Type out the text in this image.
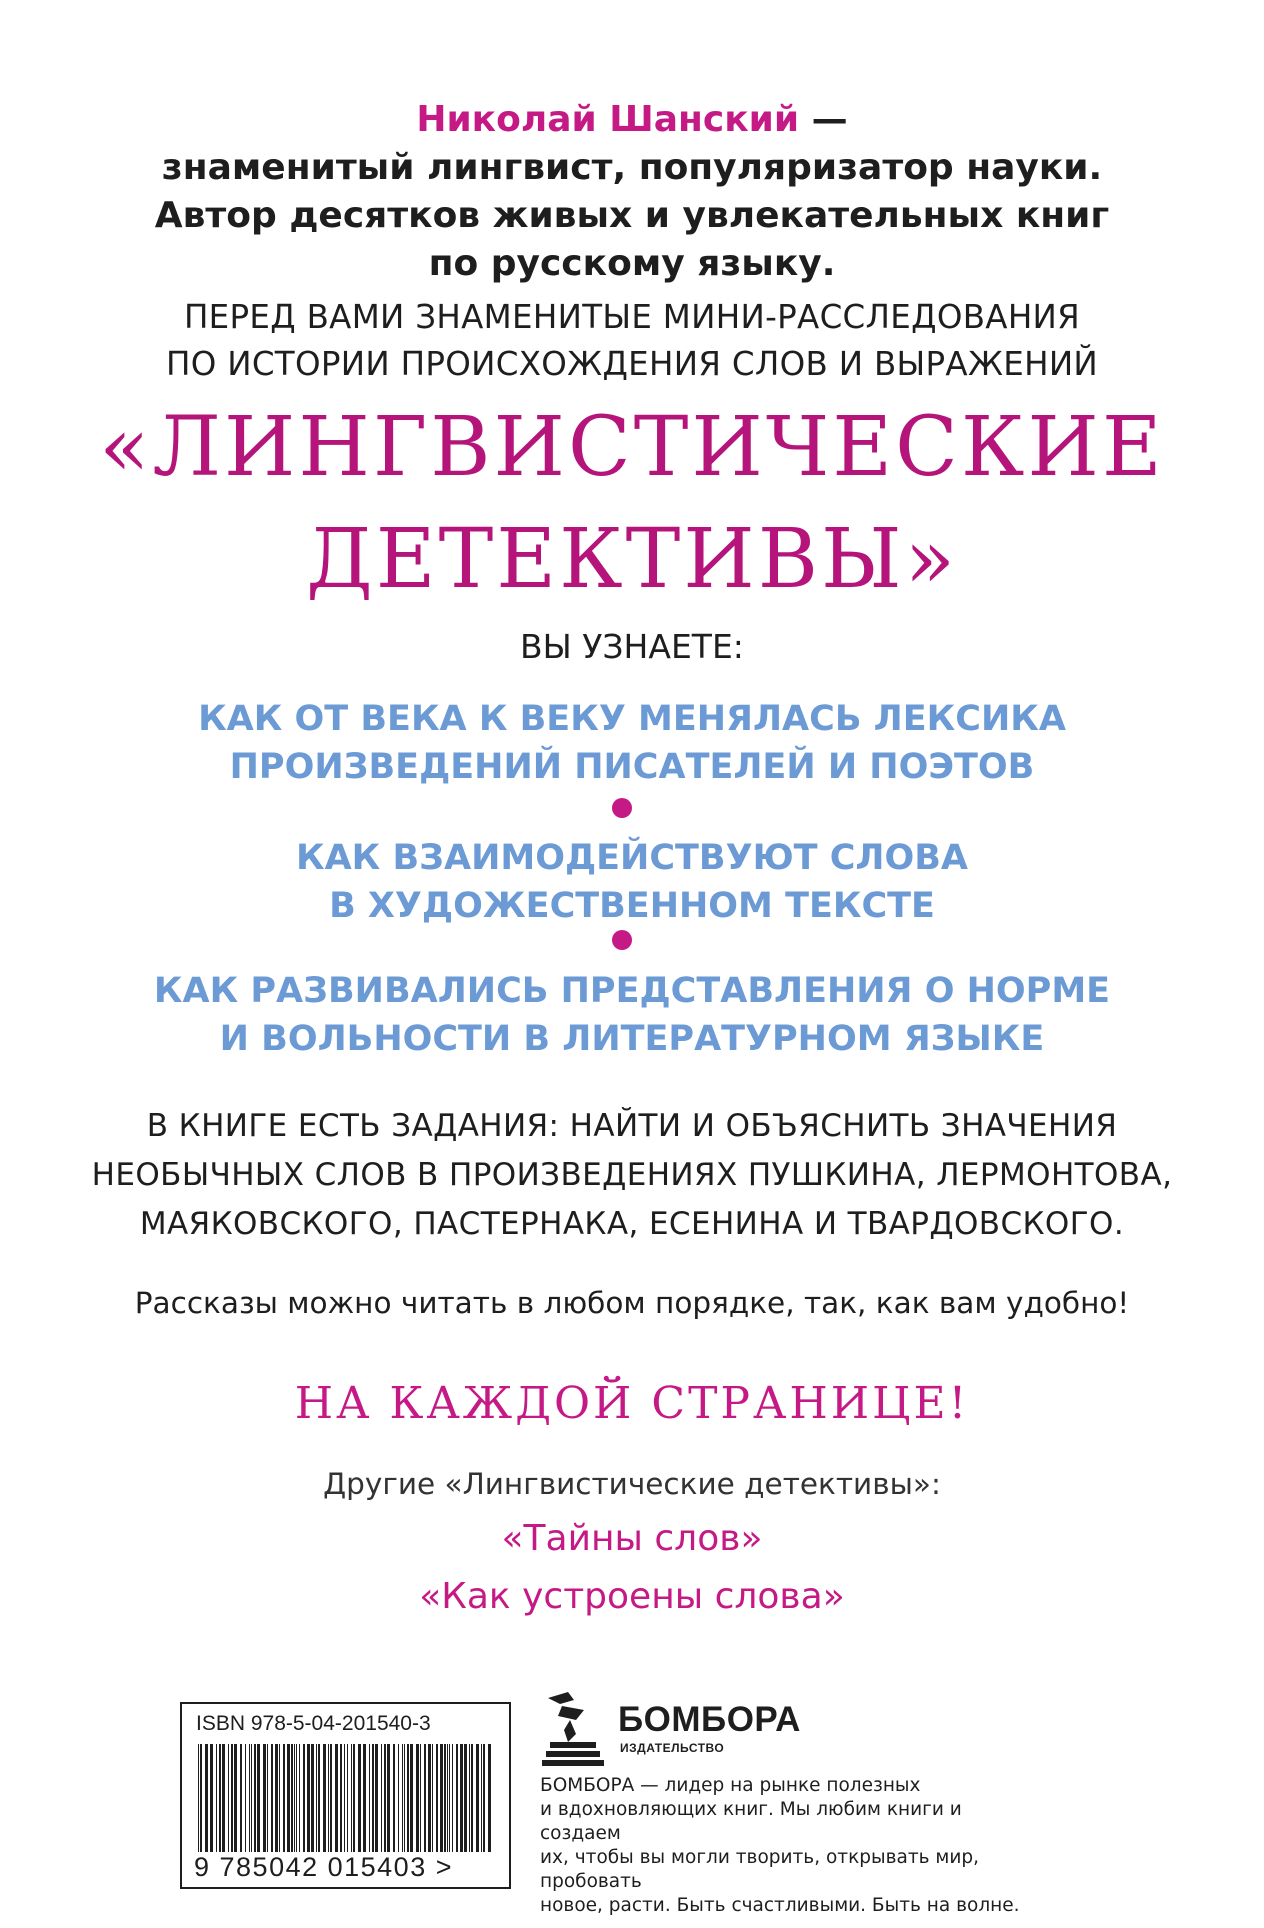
Николай Шанский —
знаменитый лингвист, популяризатор науки.
Автор десятков живых и увлекательных книг
по русскому языку.
ПЕРЕД ВАМИ ЗНАМЕНИТЫЕ МИНИ-РАССЛЕДОВАНИЯ
ПО ИСТОРИИ ПРОИСХОЖДЕНИЯ СЛОВ И ВЫРАЖЕНИЙ
«ЛИНГВИСТИЧЕСКИЕ
ДЕТЕКТИВЫ»
ВЫ УЗНАЕТЕ:
КАК ОТ ВЕКА К ВЕКУ МЕНЯЛАСЬ ЛЕКСИКА
ПРОИЗВЕДЕНИЙ ПИСАТЕЛЕЙ И ПОЭТОВ
КАК ВЗАИМОДЕЙСТВУЮТ СЛОВА
В ХУДОЖЕСТВЕННОМ ТЕКСТЕ
КАК РАЗВИВАЛИСЬ ПРЕДСТАВЛЕНИЯ О НОРМЕ
И ВОЛЬНОСТИ В ЛИТЕРАТУРНОМ ЯЗЫКЕ
В КНИГЕ ЕСТЬ ЗАДАНИЯ: НАЙТИ И ОБЪЯСНИТЬ ЗНАЧЕНИЯ
НЕОБЫЧНЫХ СЛОВ В ПРОИЗВЕДЕНИЯХ ПУШКИНА, ЛЕРМОНТОВА,
МАЯКОВСКОГО, ПАСТЕРНАКА, ЕСЕНИНА И ТВАРДОВСКОГО.
Рассказы можно читать в любом порядке, так, как вам удобно!
НА КАЖДОЙ СТРАНИЦЕ!
Другие «Лингвистические детективы»:
«Тайны слов»
«Как устроены слова»
ISBN 978-5-04-201540-3
9 785042 015403 >
БОМБОРА
ИЗДАТЕЛЬСТВО
БОМБОРА — лидер на рынке полезных
и вдохновляющих книг. Мы любим книги и создаем
их, чтобы вы могли творить, открывать мир, пробовать
новое, расти. Быть счастливыми. Быть на волне.
